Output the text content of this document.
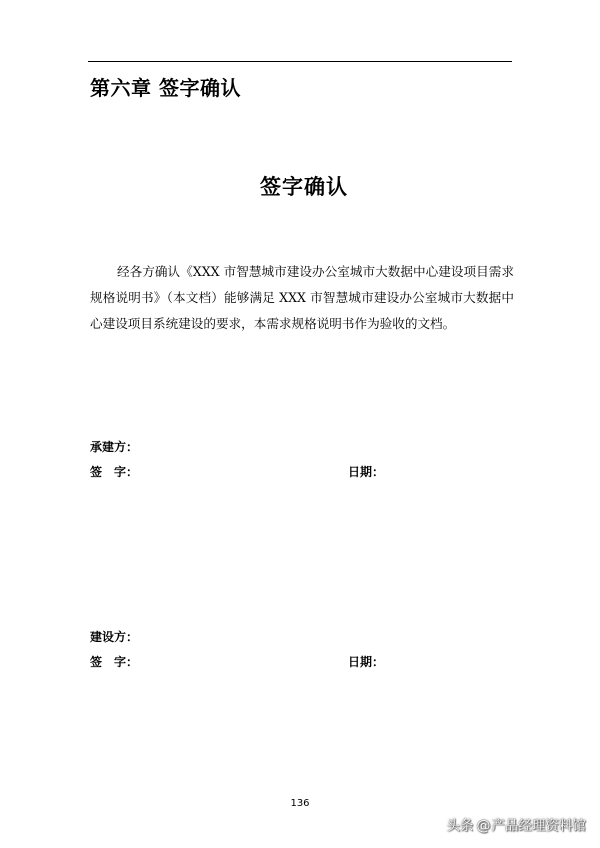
第六章 签字确认
签字确认
经各方确认《XXX 市智慧城市建设办公室城市大数据中心建设项目需求规格说明书》（本文档）能够满足 XXX 市智慧城市建设办公室城市大数据中心建设项目系统建设的要求，本需求规格说明书作为验收的文档。
承建方：
签　字：	日期：
建设方：
签　字：	日期：
136
头条 @ 产品经理资料馆
